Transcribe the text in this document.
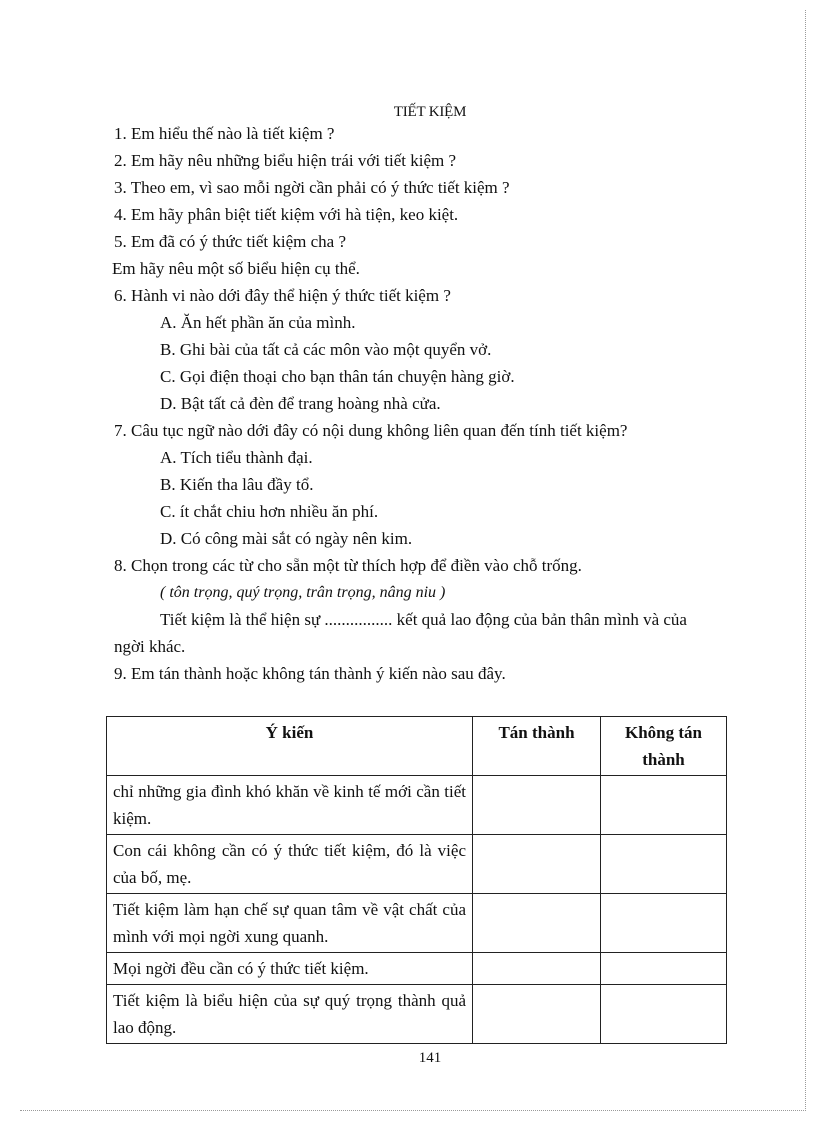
TIẾT KIỆM
1. Em hiểu thế nào là tiết kiệm ?
2. Em hãy nêu những biểu hiện trái với tiết kiệm ?
3. Theo em, vì sao mỗi ngời cần phải có ý thức tiết kiệm ?
4. Em hãy phân biệt tiết kiệm với hà tiện, keo kiệt.
5. Em đã có ý thức tiết kiệm cha ?
Em hãy nêu một số biểu hiện cụ thể.
6. Hành vi nào dới đây thể hiện ý thức tiết kiệm ?
A. Ăn hết phần ăn của mình.
B. Ghi bài của tất cả các môn vào một quyển vở.
C. Gọi điện thoại cho bạn thân tán chuyện hàng giờ.
D. Bật tất cả đèn để trang hoàng nhà cửa.
7. Câu tục ngữ nào dới đây có nội dung không liên quan đến tính tiết kiệm?
A. Tích tiểu thành đại.
B. Kiến tha lâu đầy tổ.
C. ít chắt chiu hơn nhiều ăn phí.
D. Có công mài sắt có ngày nên kim.
8. Chọn trong các từ cho sẵn một từ thích hợp để điền vào chỗ trống.
( tôn trọng, quý trọng, trân trọng, nâng niu )
Tiết kiệm là thể hiện sự ................ kết quả lao động của bản thân mình và của
ngời khác.
9. Em tán thành hoặc không tán thành ý kiến nào sau đây.
Ý kiến	Tán thành	Không tán thành
chỉ những gia đình khó khăn về kinh tế mới cần tiết kiệm.		
Con cái không cần có ý thức tiết kiệm, đó là việc của bố, mẹ.		
Tiết kiệm làm hạn chế sự quan tâm về vật chất của mình với mọi ngời xung quanh.		
Mọi ngời đều cần có ý thức tiết kiệm.		
Tiết kiệm là biểu hiện của sự quý trọng thành quả lao động.		
141
